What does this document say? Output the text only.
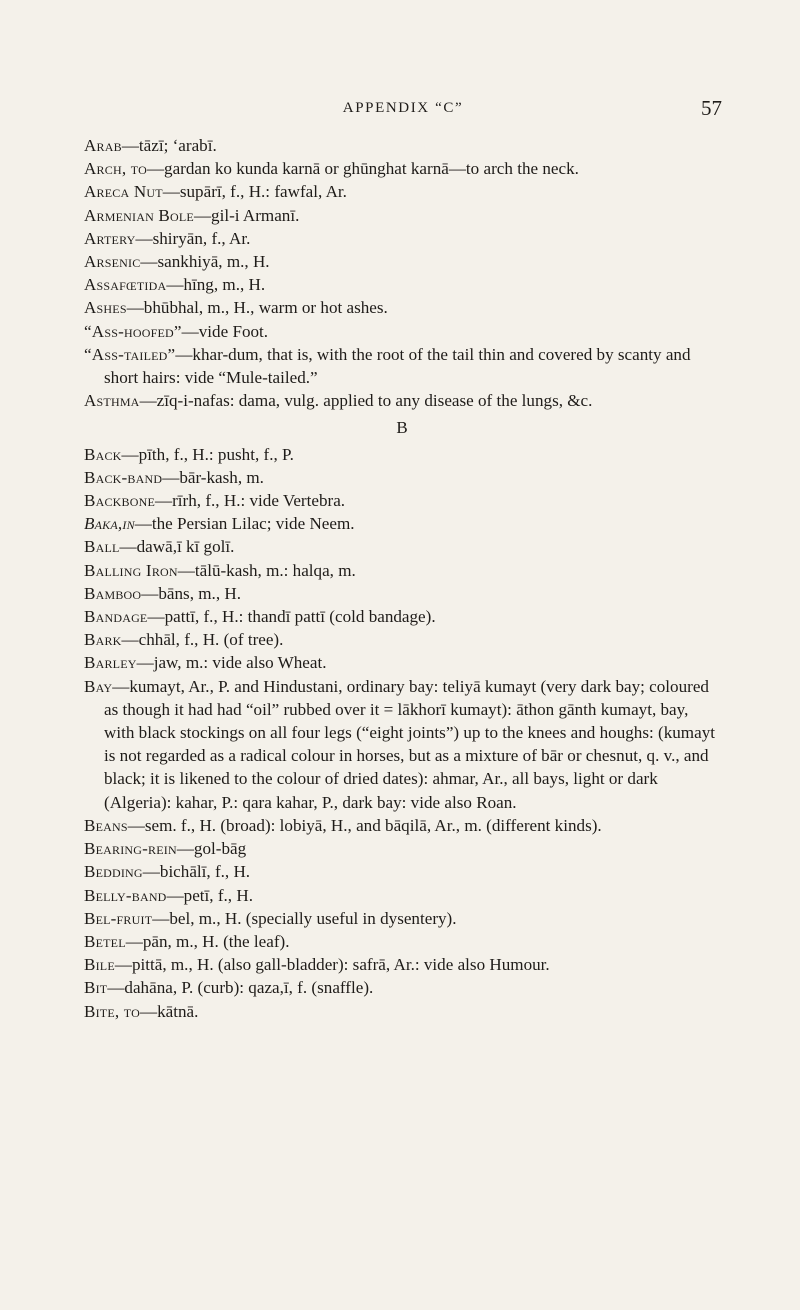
APPENDIX “C”	57

Arab—tāzī; ‘arabī.

Arch, to—gardan ko kunda karnā or ghūnghat karnā—to arch the neck.

Areca Nut—supārī, f., H.: fawfal, Ar.

Armenian Bole—gil-i Armanī.

Artery—shiryān, f., Ar.

Arsenic—sankhiyā, m., H.

Assafœtida—hīng, m., H.

Ashes—bhūbhal, m., H., warm or hot ashes.

“Ass-hoofed”—vide Foot.

“Ass-tailed”—khar-dum, that is, with the root of the tail thin and covered by scanty and short hairs: vide “Mule-tailed.”

Asthma—zīq-i-nafas: dama, vulg. applied to any disease of the lungs, &c.

B

Back—pīth, f., H.: pusht, f., P.

Back-band—bār-kash, m.

Backbone—rīrh, f., H.: vide Vertebra.

Baka,in—the Persian Lilac; vide Neem.

Ball—dawā,ī kī golī.

Balling Iron—tālū-kash, m.: halqa, m.

Bamboo—bāns, m., H.

Bandage—pattī, f., H.: thandī pattī (cold bandage).

Bark—chhāl, f., H. (of tree).

Barley—jaw, m.: vide also Wheat.

Bay—kumayt, Ar., P. and Hindustani, ordinary bay: teliyā kumayt (very dark bay; coloured as though it had had “oil” rubbed over it = lākhorī kumayt): āthon gānth kumayt, bay, with black stockings on all four legs (“eight joints”) up to the knees and houghs: (kumayt is not regarded as a radical colour in horses, but as a mixture of bār or chesnut, q. v., and black; it is likened to the colour of dried dates): ahmar, Ar., all bays, light or dark (Algeria): kahar, P.: qara kahar, P., dark bay: vide also Roan.

Beans—sem. f., H. (broad): lobiyā, H., and bāqilā, Ar., m. (different kinds).

Bearing-rein—gol-bāg

Bedding—bichālī, f., H.

Belly-band—petī, f., H.

Bel-fruit—bel, m., H. (specially useful in dysentery).

Betel—pān, m., H. (the leaf).

Bile—pittā, m., H. (also gall-bladder): safrā, Ar.: vide also Humour.

Bit—dahāna, P. (curb): qaza,ī, f. (snaffle).

Bite, to—kātnā.
